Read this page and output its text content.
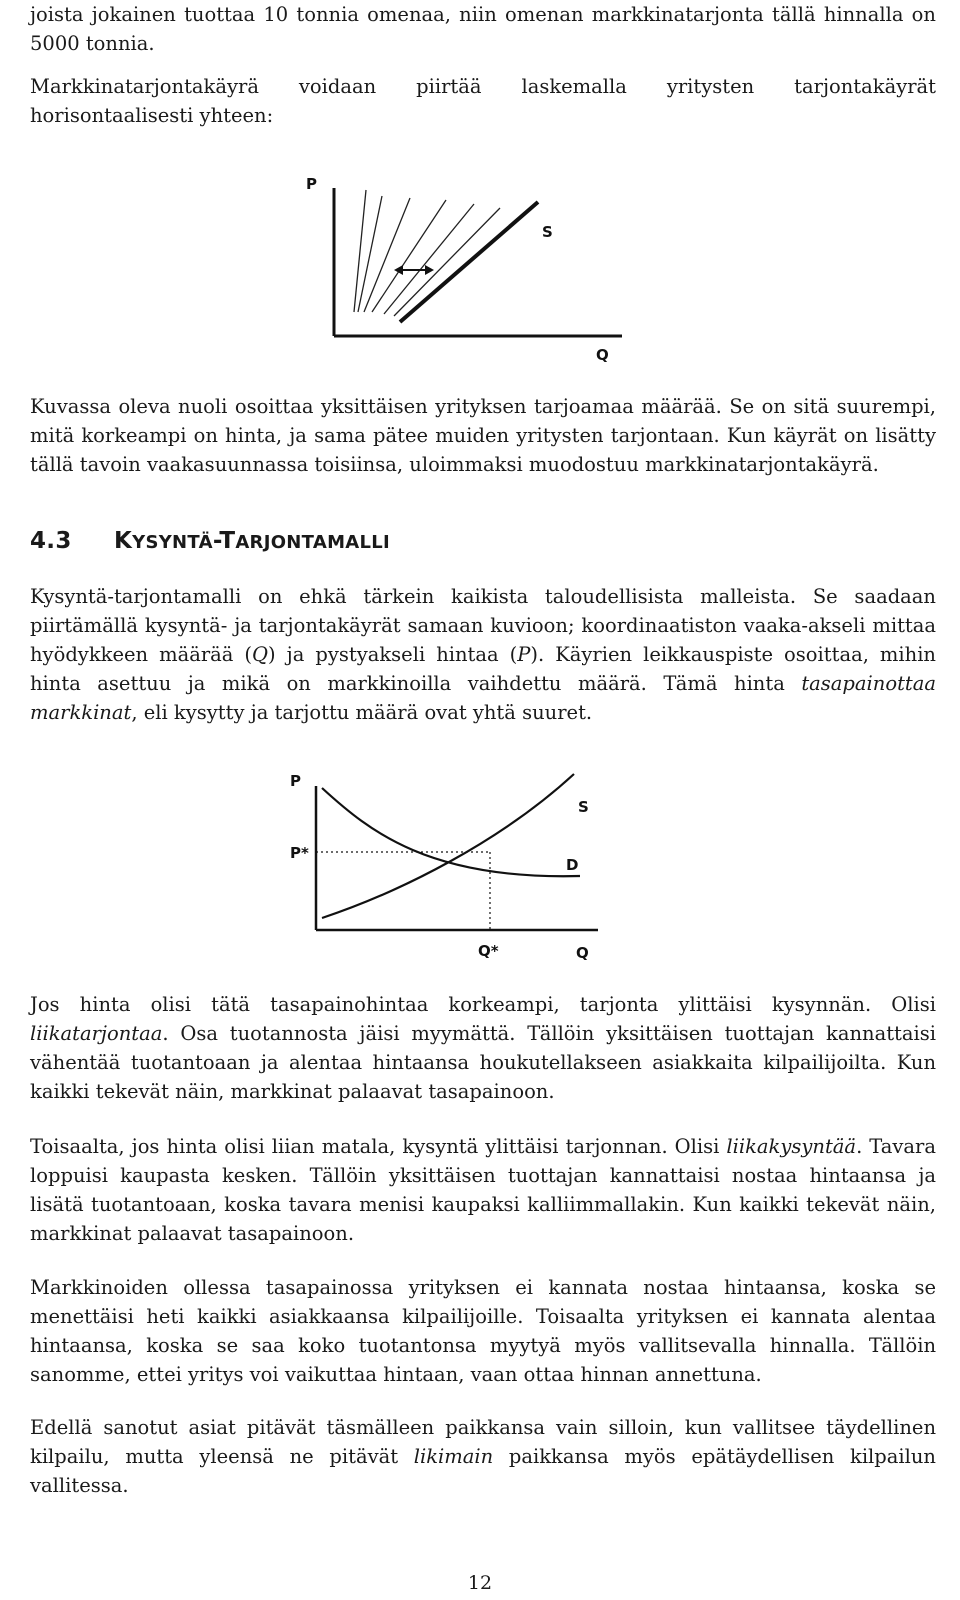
joista jokainen tuottaa 10 tonnia omenaa, niin omenan markkinatarjonta tällä hinnalla on 5000 tonnia.

Markkinatarjontakäyrä voidaan piirtää laskemalla yritysten tarjontakäyrät horisontaalisesti yhteen:

P
S
Q

Kuvassa oleva nuoli osoittaa yksittäisen yrityksen tarjoamaa määrää. Se on sitä suurempi, mitä korkeampi on hinta, ja sama pätee muiden yritysten tarjontaan. Kun käyrät on lisätty tällä tavoin vaakasuunnassa toisiinsa, uloimmaksi muodostuu markkinatarjontakäyrä.

4.3 KYSYNTÄ-TARJONTAMALLI

Kysyntä-tarjontamalli on ehkä tärkein kaikista taloudellisista malleista. Se saadaan piirtämällä kysyntä- ja tarjontakäyrät samaan kuvioon; koordinaatiston vaaka-akseli mittaa hyödykkeen määrää (Q) ja pystyakseli hintaa (P). Käyrien leikkauspiste osoittaa, mihin hinta asettuu ja mikä on markkinoilla vaihdettu määrä. Tämä hinta tasapainottaa markkinat, eli kysytty ja tarjottu määrä ovat yhtä suuret.

P
S
P*
D
Q*	Q

Jos hinta olisi tätä tasapainohintaa korkeampi, tarjonta ylittäisi kysynnän. Olisi liikatarjontaa. Osa tuotannosta jäisi myymättä. Tällöin yksittäisen tuottajan kannattaisi vähentää tuotantoaan ja alentaa hintaansa houkutellakseen asiakkaita kilpailijoilta. Kun kaikki tekevät näin, markkinat palaavat tasapainoon.

Toisaalta, jos hinta olisi liian matala, kysyntä ylittäisi tarjonnan. Olisi liikakysyntää. Tavara loppuisi kaupasta kesken. Tällöin yksittäisen tuottajan kannattaisi nostaa hintaansa ja lisätä tuotantoaan, koska tavara menisi kaupaksi kalliimmallakin. Kun kaikki tekevät näin, markkinat palaavat tasapainoon.

Markkinoiden ollessa tasapainossa yrityksen ei kannata nostaa hintaansa, koska se menettäisi heti kaikki asiakkaansa kilpailijoille. Toisaalta yrityksen ei kannata alentaa hintaansa, koska se saa koko tuotantonsa myytyä myös vallitsevalla hinnalla. Tällöin sanomme, ettei yritys voi vaikuttaa hintaan, vaan ottaa hinnan annettuna.

Edellä sanotut asiat pitävät täsmälleen paikkansa vain silloin, kun vallitsee täydellinen kilpailu, mutta yleensä ne pitävät likimain paikkansa myös epätäydellisen kilpailun vallitessa.

12
